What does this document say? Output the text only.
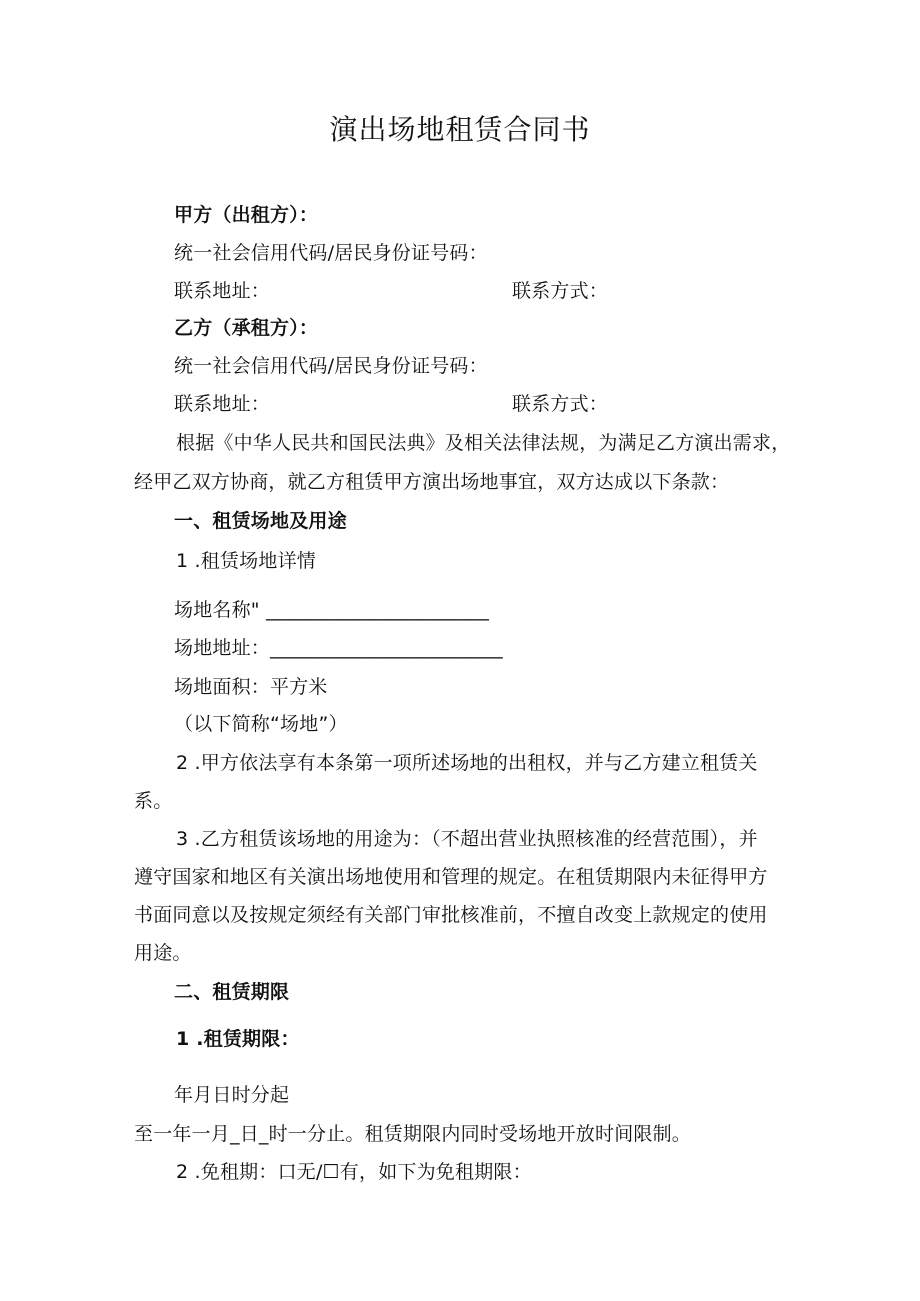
演出场地租赁合同书
甲方（出租方）：
统一社会信用代码/居民身份证号码：
联系地址：	联系方式：
乙方（承租方）：
统一社会信用代码/居民身份证号码：
联系地址：	联系方式：
根据《中华人民共和国民法典》及相关法律法规，为满足乙方演出需求，
经甲乙双方协商，就乙方租赁甲方演出场地事宜，双方达成以下条款：
一、租赁场地及用途
1 .租赁场地详情
场地名称" _______________________
场地地址：________________________
场地面积：平方米
（以下简称“场地”）
2 .甲方依法享有本条第一项所述场地的出租权，并与乙方建立租赁关
系。
3 .乙方租赁该场地的用途为：（不超出营业执照核准的经营范围），并
遵守国家和地区有关演出场地使用和管理的规定。在租赁期限内未征得甲方
书面同意以及按规定须经有关部门审批核准前，不擅自改变上款规定的使用
用途。
二、租赁期限
1 .租赁期限：
年月日时分起
至一年一月_日_时一分止。租赁期限内同时受场地开放时间限制。
2 .免租期：口无/☐有，如下为免租期限：
